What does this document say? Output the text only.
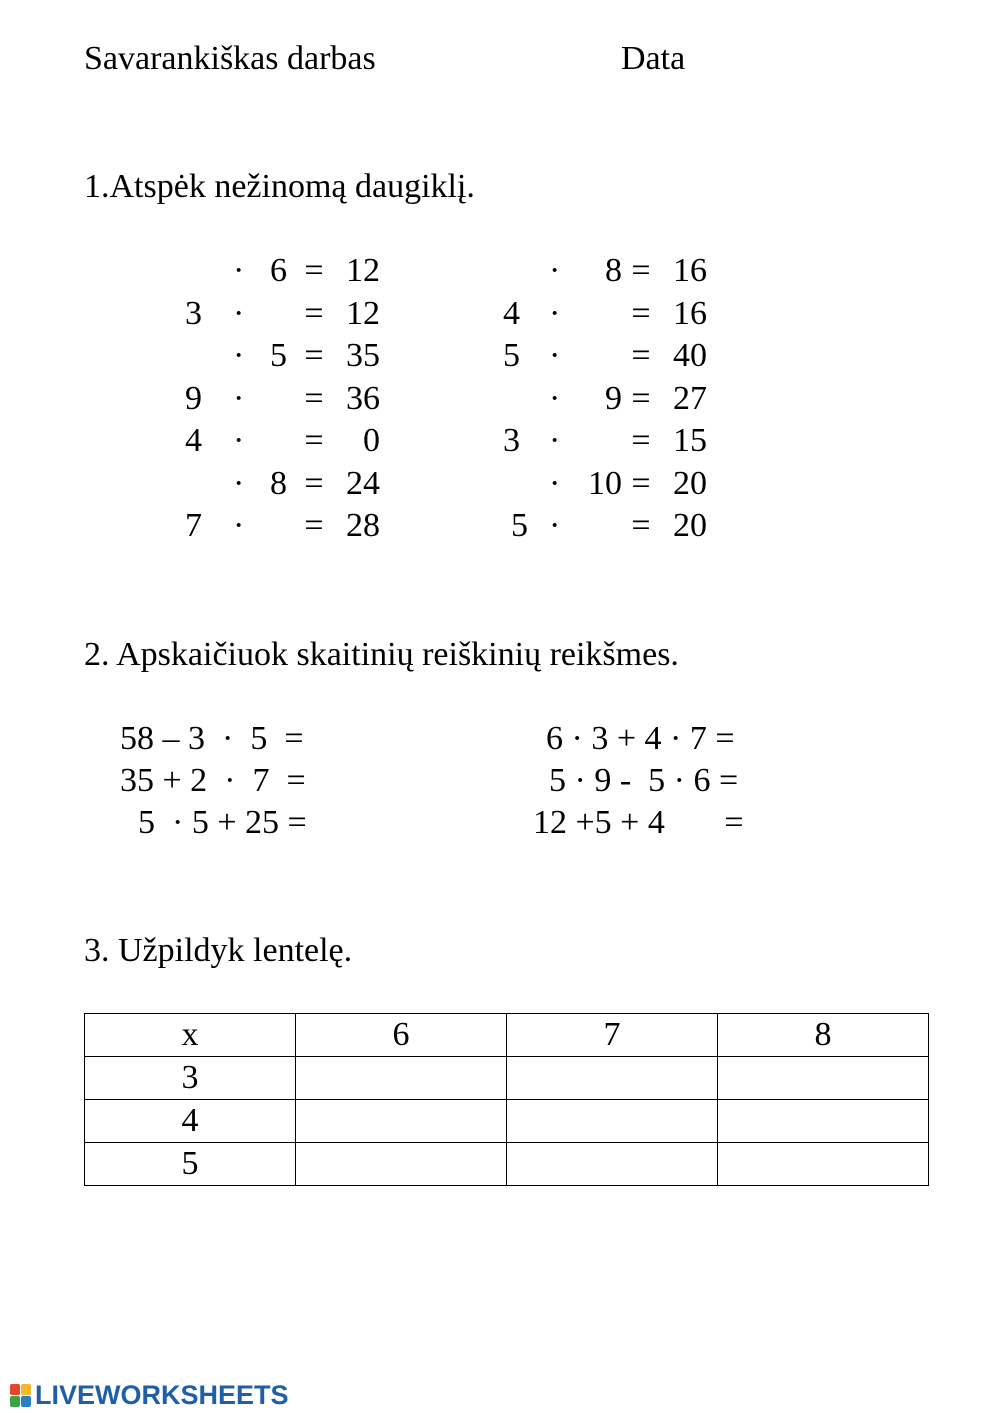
Savarankiškas darbas	Data
1.Atspėk nežinomą daugiklį.
· 6 = 12
3 · = 12
· 5 = 35
9 · = 36
4 · =	0
· 8 = 24
7 · = 28
·	8 = 16
4 · = 16
5 · = 40
·	9 = 27
3 · = 15
· 10 = 20
5 · = 20
2. Apskaičiuok skaitinių reiškinių reikšmes.
58 – 3  ·  5  =
35 + 2  ·  7  =
5  · 5 + 25 =
6 · 3 + 4 · 7 =
5 · 9 -  5 · 6 =
12 +5 + 4       =
3. Užpildyk lentelę.
x	6	7	8
3			
4			
5			
LIVEWORKSHEETS
